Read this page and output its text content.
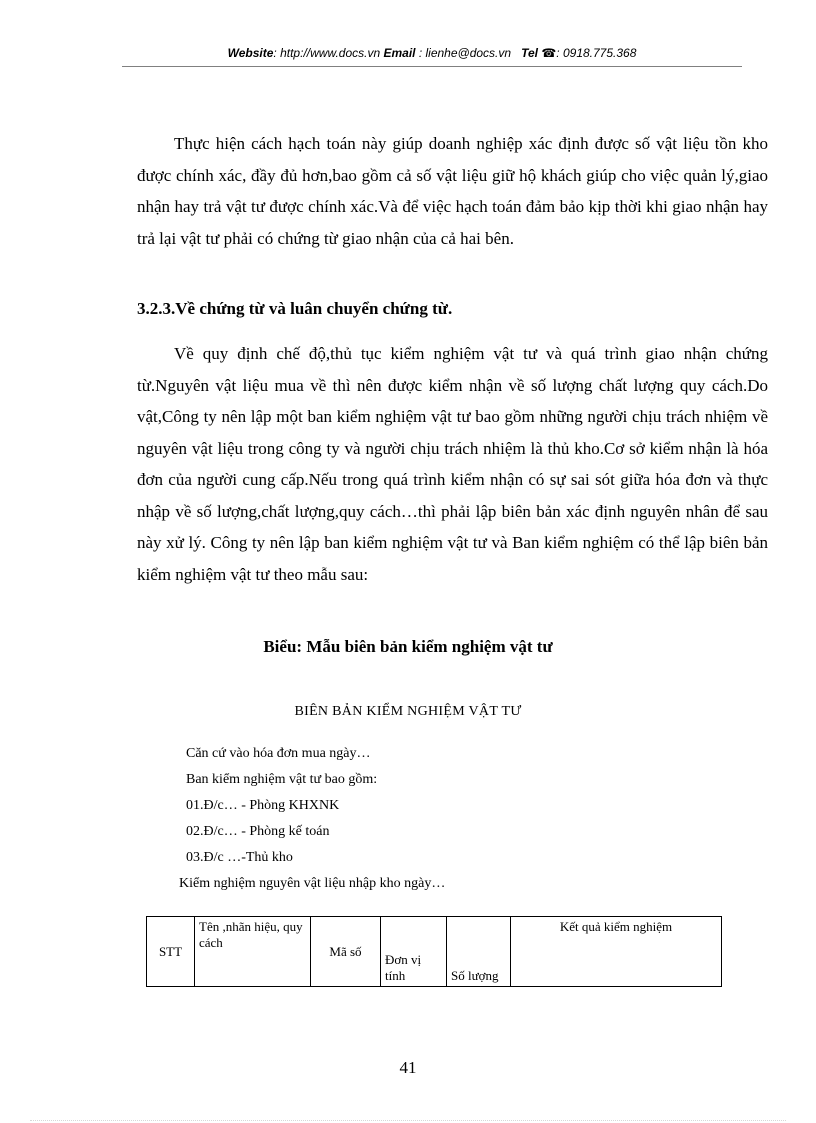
Website: http://www.docs.vn Email : lienhe@docs.vn Tel ☎: 0918.775.368

Thực hiện cách hạch toán này giúp doanh nghiệp xác định được số vật liệu tồn kho được chính xác, đầy đủ hơn,bao gồm cả số vật liệu giữ hộ khách giúp cho việc quản lý,giao nhận hay trả vật tư được chính xác.Và để việc hạch toán đảm bảo kịp thời khi giao nhận hay trả lại vật tư phải có chứng từ giao nhận của cả hai bên.

3.2.3.Về chứng từ và luân chuyển chứng từ.

Về quy định chế độ,thủ tục kiểm nghiệm vật tư và quá trình giao nhận chứng từ.Nguyên vật liệu mua về thì nên được kiểm nhận về số lượng chất lượng quy cách.Do vật,Công ty nên lập một ban kiểm nghiệm vật tư bao gồm những người chịu trách nhiệm về nguyên vật liệu trong công ty và người chịu trách nhiệm là thủ kho.Cơ sở kiểm nhận là hóa đơn của người cung cấp.Nếu trong quá trình kiểm nhận có sự sai sót giữa hóa đơn và thực nhập về số lượng,chất lượng,quy cách…thì phải lập biên bản xác định nguyên nhân để sau này xử lý. Công ty nên lập ban kiểm nghiệm vật tư và Ban kiểm nghiệm có thể lập biên bản kiểm nghiệm vật tư theo mẫu sau:

Biểu: Mẫu biên bản kiểm nghiệm vật tư

BIÊN BẢN KIỂM NGHIỆM VẬT TƯ

Căn cứ vào hóa đơn mua ngày…

Ban kiểm nghiệm vật tư bao gồm:

01.Đ/c… - Phòng KHXNK

02.Đ/c… - Phòng kế toán

03.Đ/c …-Thủ kho

Kiểm nghiệm nguyên vật liệu nhập kho ngày…

STT	Tên ,nhãn hiệu, quy cách	Mã số	Đơn vị tính	Số lượng	Kết quả kiểm nghiệm

41
